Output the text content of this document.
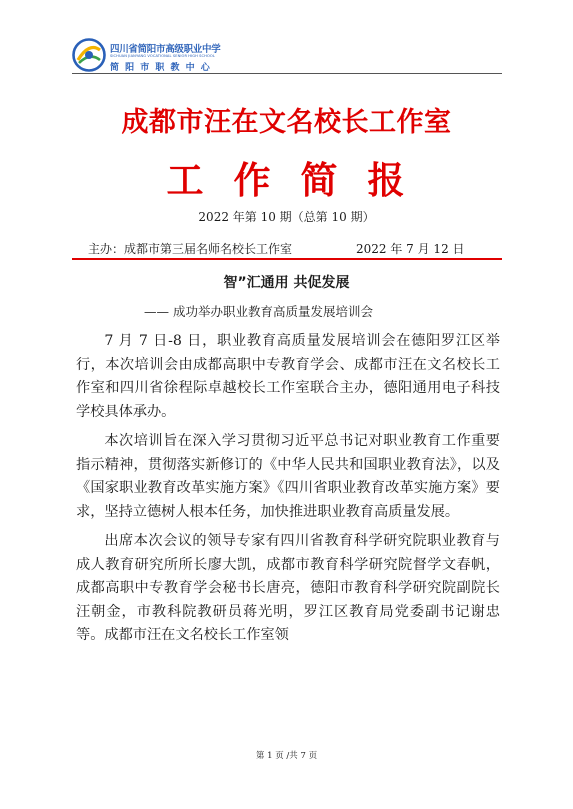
四川省简阳市高级职业中学
SICHUAN JIANYANG VOCATIONAL SENIOR HIGH SCHOOL
简 阳 市 职 教 中 心
成都市汪在文名校长工作室
工作简报
2022 年第 10 期（总第 10 期）
主办：成都市第三届名师名校长工作室	2022 年 7 月 12 日
智”汇通用 共促发展
—— 成功举办职业教育高质量发展培训会

7 月 7 日-8 日，职业教育高质量发展培训会在德阳罗江区举行，本次培训会由成都高职中专教育学会、成都市汪在文名校长工作室和四川省徐程际卓越校长工作室联合主办，德阳通用电子科技学校具体承办。

本次培训旨在深入学习贯彻习近平总书记对职业教育工作重要指示精神，贯彻落实新修订的《中华人民共和国职业教育法》，以及《国家职业教育改革实施方案》《四川省职业教育改革实施方案》要求，坚持立德树人根本任务，加快推进职业教育高质量发展。

出席本次会议的领导专家有四川省教育科学研究院职业教育与成人教育研究所所长廖大凯，成都市教育科学研究院督学文春帆，成都高职中专教育学会秘书长唐亮，德阳市教育科学研究院副院长汪朝金，市教科院教研员蒋光明，罗江区教育局党委副书记谢忠等。成都市汪在文名校长工作室领

第 1 页 /共 7 页
